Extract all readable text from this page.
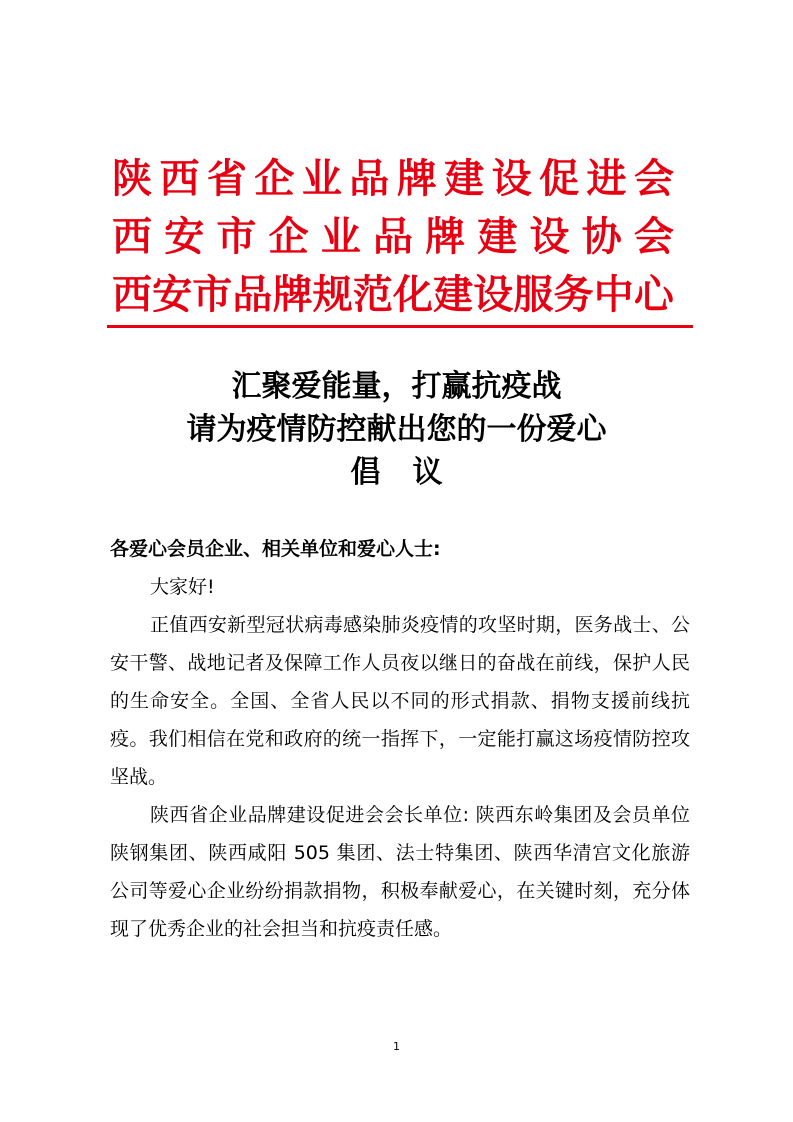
陕 西 省 企 业 品 牌 建 设 促 进 会
西 安 市 企 业 品 牌 建 设 协 会
西 安 市 品 牌 规 范 化 建 设 服 务 中 心
汇聚爱能量，打赢抗疫战
请为疫情防控献出您的一份爱心
倡议
各爱心会员企业、相关单位和爱心人士:

大家好!

正值西安新型冠状病毒感染肺炎疫情的攻坚时期，医务战士、公安干警、战地记者及保障工作人员夜以继日的奋战在前线，保护人民的生命安全。全国、全省人民以不同的形式捐款、捐物支援前线抗疫。我们相信在党和政府的统一指挥下，一定能打赢这场疫情防控攻坚战。

陕西省企业品牌建设促进会会长单位: 陕西东岭集团及会员单位陕钢集团、陕西咸阳 505 集团、法士特集团、陕西华清宫文化旅游公司等爱心企业纷纷捐款捐物，积极奉献爱心，在关键时刻，充分体现了优秀企业的社会担当和抗疫责任感。

1
